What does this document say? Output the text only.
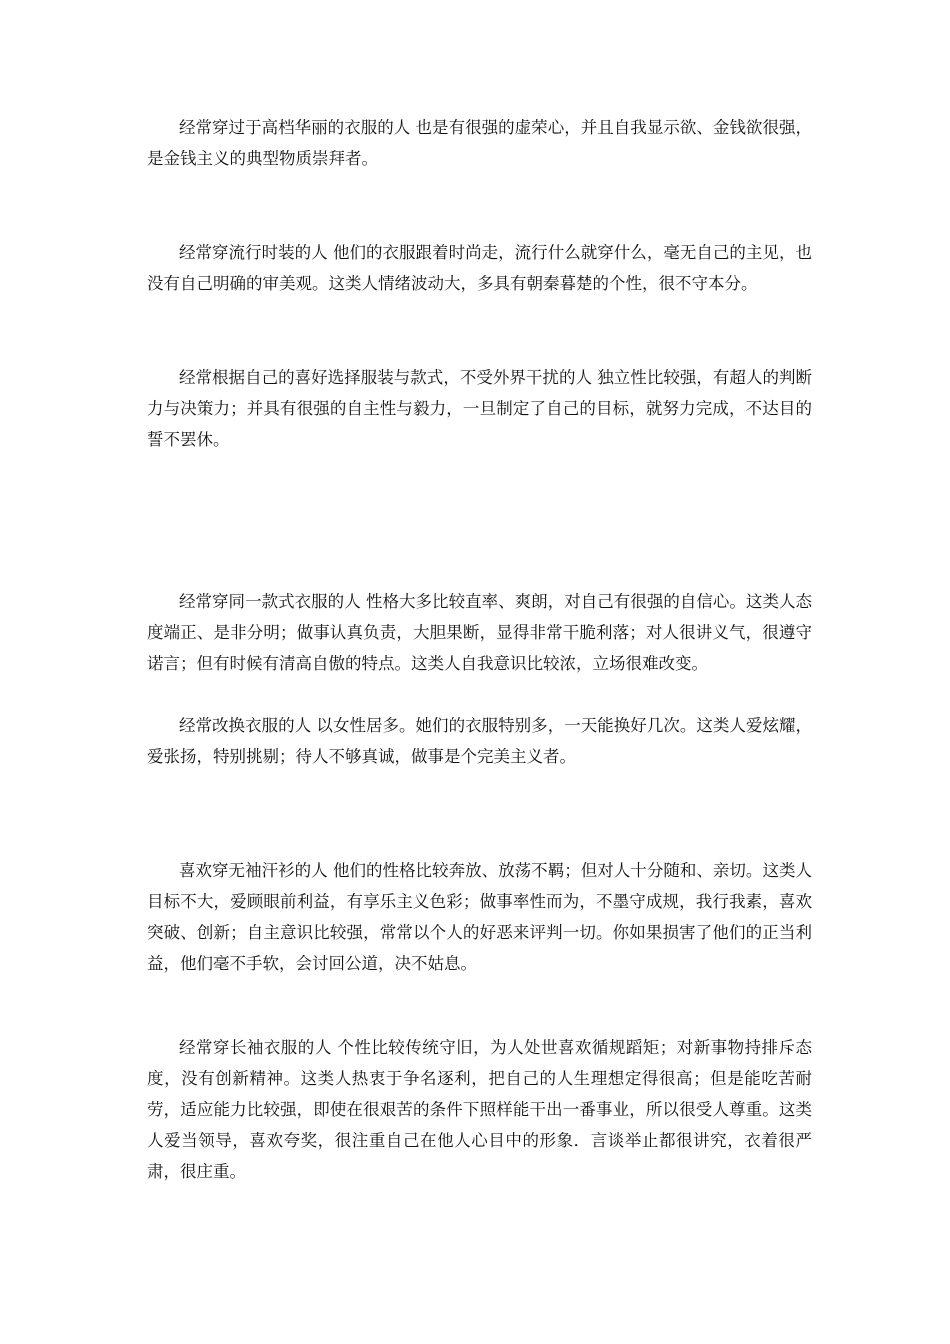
经常穿过于高档华丽的衣服的人 也是有很强的虚荣心，并且自我显示欲、金钱欲很强，是金钱主义的典型物质崇拜者。

经常穿流行时装的人 他们的衣服跟着时尚走，流行什么就穿什么，毫无自己的主见，也没有自己明确的审美观。这类人情绪波动大，多具有朝秦暮楚的个性，很不守本分。

经常根据自己的喜好选择服装与款式，不受外界干扰的人 独立性比较强，有超人的判断力与决策力；并具有很强的自主性与毅力，一旦制定了自己的目标，就努力完成，不达目的誓不罢休。

经常穿同一款式衣服的人 性格大多比较直率、爽朗，对自己有很强的自信心。这类人态度端正、是非分明；做事认真负责，大胆果断，显得非常干脆利落；对人很讲义气，很遵守诺言；但有时候有清高自傲的特点。这类人自我意识比较浓，立场很难改变。

经常改换衣服的人 以女性居多。她们的衣服特别多，一天能换好几次。这类人爱炫耀，爱张扬，特别挑剔；待人不够真诚，做事是个完美主义者。

喜欢穿无袖汗衫的人 他们的性格比较奔放、放荡不羁；但对人十分随和、亲切。这类人目标不大，爱顾眼前利益，有享乐主义色彩；做事率性而为，不墨守成规，我行我素，喜欢突破、创新；自主意识比较强，常常以个人的好恶来评判一切。你如果损害了他们的正当利益，他们毫不手软，会讨回公道，决不姑息。

经常穿长袖衣服的人 个性比较传统守旧，为人处世喜欢循规蹈矩；对新事物持排斥态度，没有创新精神。这类人热衷于争名逐利，把自己的人生理想定得很高；但是能吃苦耐劳，适应能力比较强，即使在很艰苦的条件下照样能干出一番事业，所以很受人尊重。这类人爱当领导，喜欢夸奖，很注重自己在他人心目中的形象．言谈举止都很讲究，衣着很严肃，很庄重。
